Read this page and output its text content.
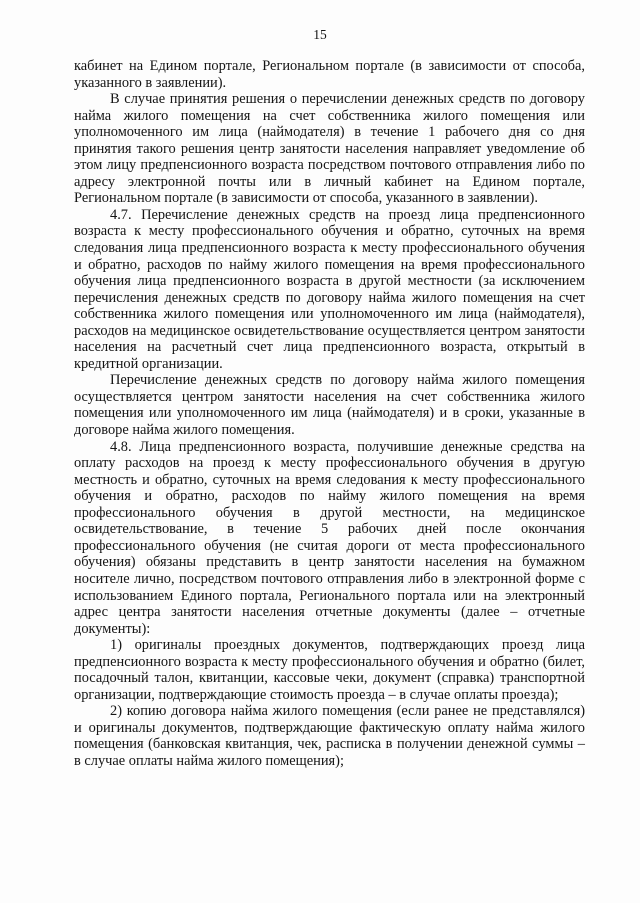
15

кабинет на Едином портале, Региональном портале (в зависимости от способа, указанного в заявлении).

В случае принятия решения о перечислении денежных средств по договору найма жилого помещения на счет собственника жилого помещения или уполномоченного им лица (наймодателя) в течение 1 рабочего дня со дня принятия такого решения центр занятости населения направляет уведомление об этом лицу предпенсионного возраста посредством почтового отправления либо по адресу электронной почты или в личный кабинет на Едином портале, Региональном портале (в зависимости от способа, указанного в заявлении).

4.7. Перечисление денежных средств на проезд лица предпенсионного возраста к месту профессионального обучения и обратно, суточных на время следования лица предпенсионного возраста к месту профессионального обучения и обратно, расходов по найму жилого помещения на время профессионального обучения лица предпенсионного возраста в другой местности (за исключением перечисления денежных средств по договору найма жилого помещения на счет собственника жилого помещения или уполномоченного им лица (наймодателя), расходов на медицинское освидетельствование осуществляется центром занятости населения на расчетный счет лица предпенсионного возраста, открытый в кредитной организации.

Перечисление денежных средств по договору найма жилого помещения осуществляется центром занятости населения на счет собственника жилого помещения или уполномоченного им лица (наймодателя) и в сроки, указанные в договоре найма жилого помещения.

4.8. Лица предпенсионного возраста, получившие денежные средства на оплату расходов на проезд к месту профессионального обучения в другую местность и обратно, суточных на время следования к месту профессионального обучения и обратно, расходов по найму жилого помещения на время профессионального обучения в другой местности, на медицинское освидетельствование, в течение 5 рабочих дней после окончания профессионального обучения (не считая дороги от места профессионального обучения) обязаны представить в центр занятости населения на бумажном носителе лично, посредством почтового отправления либо в электронной форме с использованием Единого портала, Регионального портала или на электронный адрес центра занятости населения отчетные документы (далее – отчетные документы):

1) оригиналы проездных документов, подтверждающих проезд лица предпенсионного возраста к месту профессионального обучения и обратно (билет, посадочный талон, квитанции, кассовые чеки, документ (справка) транспортной организации, подтверждающие стоимость проезда – в случае оплаты проезда);

2) копию договора найма жилого помещения (если ранее не представлялся) и оригиналы документов, подтверждающие фактическую оплату найма жилого помещения (банковская квитанция, чек, расписка в получении денежной суммы – в случае оплаты найма жилого помещения);
